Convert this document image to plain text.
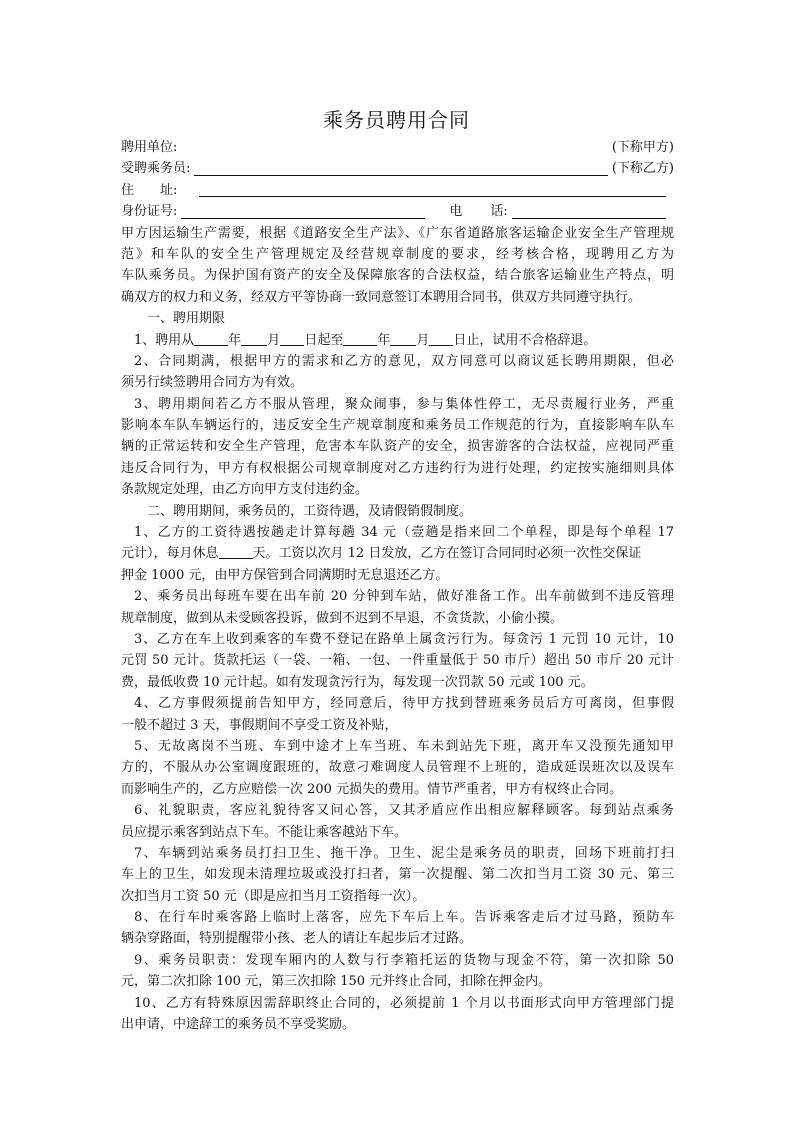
乘务员聘用合同
聘用单位:	(下称甲方)
受聘乘务员:	(下称乙方)
住 址:
身份证号:	电 话:
甲方因运输生产需要，根据《道路安全生产法》、《广东省道路旅客运输企业安全生产管理规
范》和车队的安全生产管理规定及经营规章制度的要求，经考核合格，现聘用乙方为
车队乘务员。为保护国有资产的安全及保障旅客的合法权益，结合旅客运输业生产特点，明
确双方的权力和义务，经双方平等协商一致同意签订本聘用合同书，供双方共同遵守执行。
一、聘用期限
1、聘用从	年 月 日起至	年 月 日止，试用不合格辞退。
2、合同期满，根据甲方的需求和乙方的意见，双方同意可以商议延长聘用期限，但必
须另行续签聘用合同方为有效。
3、聘用期间若乙方不服从管理，聚众闹事，参与集体性停工，无尽责履行业务，严重
影响本车队车辆运行的，违反安全生产规章制度和乘务员工作规范的行为，直接影响车队车
辆的正常运转和安全生产管理，危害本车队资产的安全，损害游客的合法权益，应视同严重
违反合同行为，甲方有权根据公司规章制度对乙方违约行为进行处理，约定按实施细则具体
条款规定处理，由乙方向甲方支付违约金。
二、聘用期间，乘务员的，工资待遇，及请假销假制度。
1、乙方的工资待遇按趟走计算每趟 34 元（壹趟是指来回二个单程，即是每个单程 17
元计），每月休息	天。工资以次月 12 日发放，乙方在签订合同同时必须一次性交保证
押金 1000 元，由甲方保管到合同满期时无息退还乙方。
2、乘务员出每班车要在出车前 20 分钟到车站，做好准备工作。出车前做到不违反管理
规章制度，做到从未受顾客投诉，做到不迟到不早退，不贪货款，小偷小摸。
3、乙方在车上收到乘客的车费不登记在路单上属贪污行为。每贪污 1 元罚 10 元计，10
元罚 50 元计。货款托运（一袋、一箱、一包、一件重量低于 50 市斤）超出 50 市斤 20 元计
费，最低收费 10 元计起。如有发现贪污行为，每发现一次罚款 50 元或 100 元。
4、乙方事假须提前告知甲方，经同意后，待甲方找到替班乘务员后方可离岗，但事假
一般不超过 3 天，事假期间不享受工资及补贴，
5、无故离岗不当班、车到中途才上车当班、车未到站先下班，离开车又没预先通知甲
方的，不服从办公室调度跟班的，故意刁难调度人员管理不上班的，造成延误班次以及误车
而影响生产的，乙方应赔偿一次 200 元损失的费用。情节严重者，甲方有权终止合同。
6、礼貌职责，客应礼貌待客又问心答，又其矛盾应作出相应解释顾客。每到站点乘务
员应提示乘客到站点下车。不能让乘客越站下车。
7、车辆到站乘务员打扫卫生、拖干净。卫生、泥尘是乘务员的职责，回场下班前打扫
车上的卫生，如发现未清理垃圾或没打扫者，第一次提醒、第二次扣当月工资 30 元、第三
次扣当月工资 50 元（即是应扣当月工资指每一次）。
8、在行车时乘客路上临时上落客，应先下车后上车。告诉乘客走后才过马路，预防车
辆杂穿路面，特别提醒带小孩、老人的请让车起步后才过路。
9、乘务员职责：发现车厢内的人数与行李箱托运的货物与现金不符，第一次扣除 50
元，第二次扣除 100 元，第三次扣除 150 元并终止合同，扣除在押金内。
10、乙方有特殊原因需辞职终止合同的，必须提前 1 个月以书面形式向甲方管理部门提
出申请，中途辞工的乘务员不享受奖励。
